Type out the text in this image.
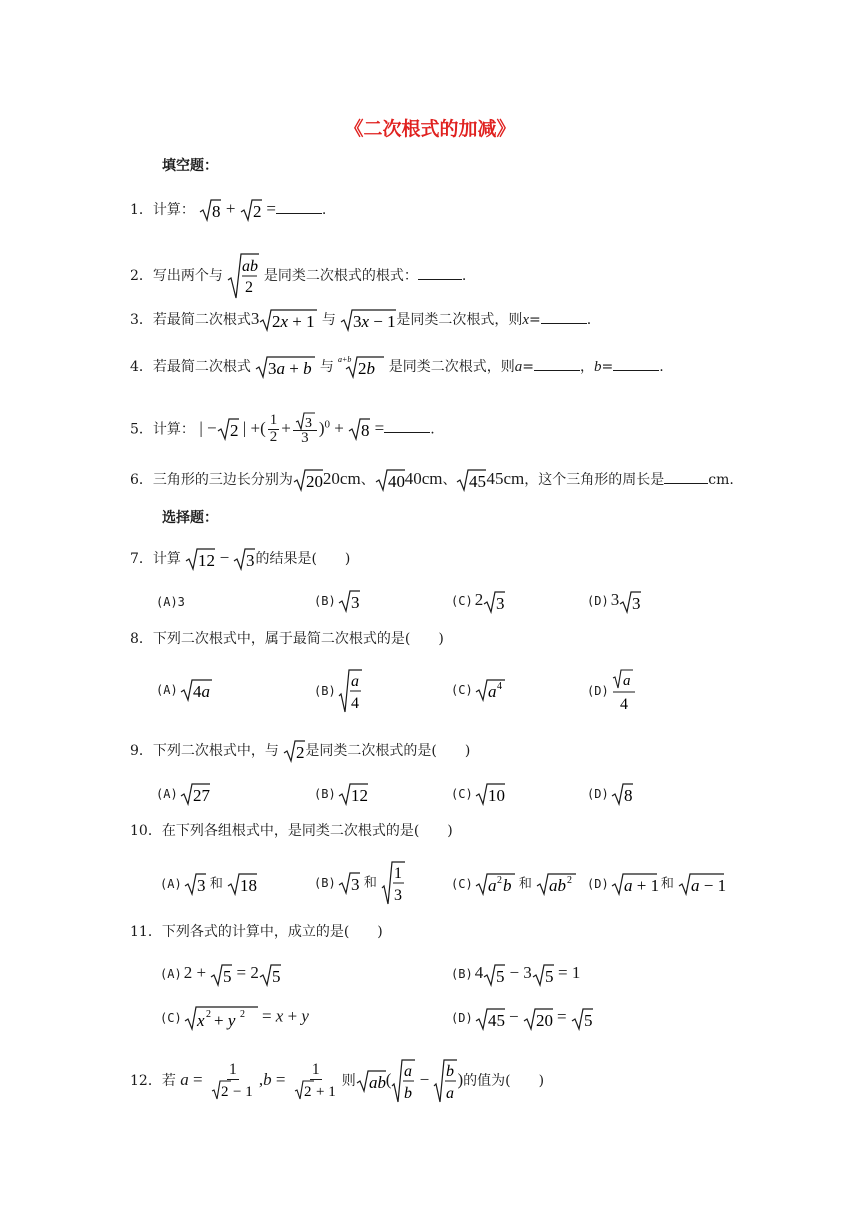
《二次根式的加减》
填空题：
1．计算： 8 + 2 =	.
2．写出两个与
ab
2
是同类二次根式的根式：	.
3．若最简二次根式3 2x + 1 与 3x − 1 是同类二次根式，则x=	.
4．若最简二次根式 3a + b 与 a+b 2b 是同类二次根式，则a=	，b=	.
5．计算： | − 2 | +( $\frac{1}{2} + \frac{3}{3} )^0 + 8$ =	.
6．三角形的三边长分别为 20 20cm、 40 40cm、 45 45cm，这个三角形的周长是	cm.
选择题：
7．计算 12 − 3 的结果是(　　)
(A)3	(B) 3	(C) 2 3	(D) 3 3
8．下列二次根式中，属于最简二次根式的是(　　)
(A) 4a	(B)
a
4
(C) a 4	(D)
a
4
9．下列二次根式中，与 2 是同类二次根式的是(　　)
(A) 27	(B) 12	(C) 10	(D) 8
10．在下列各组根式中，是同类二次根式的是(　　)
(A) 3 和 18	(B) 3 和
1
3
(C) a 2 b 和 ab 2 (D) a + 1 和 a − 1
11．下列各式的计算中，成立的是(　　)
(A) 2 + 5 = 2 5	(B) 4 5 − 3 5 = 1
(C) x 2 + y 2 = x + y	(D) 45 − 20 = 5
12．若 $a = \frac{1}{2 - 1} ,b = \frac{1}{2 + 1}$ 则 ab ( a
b
− b
a
)的值为(　　)
